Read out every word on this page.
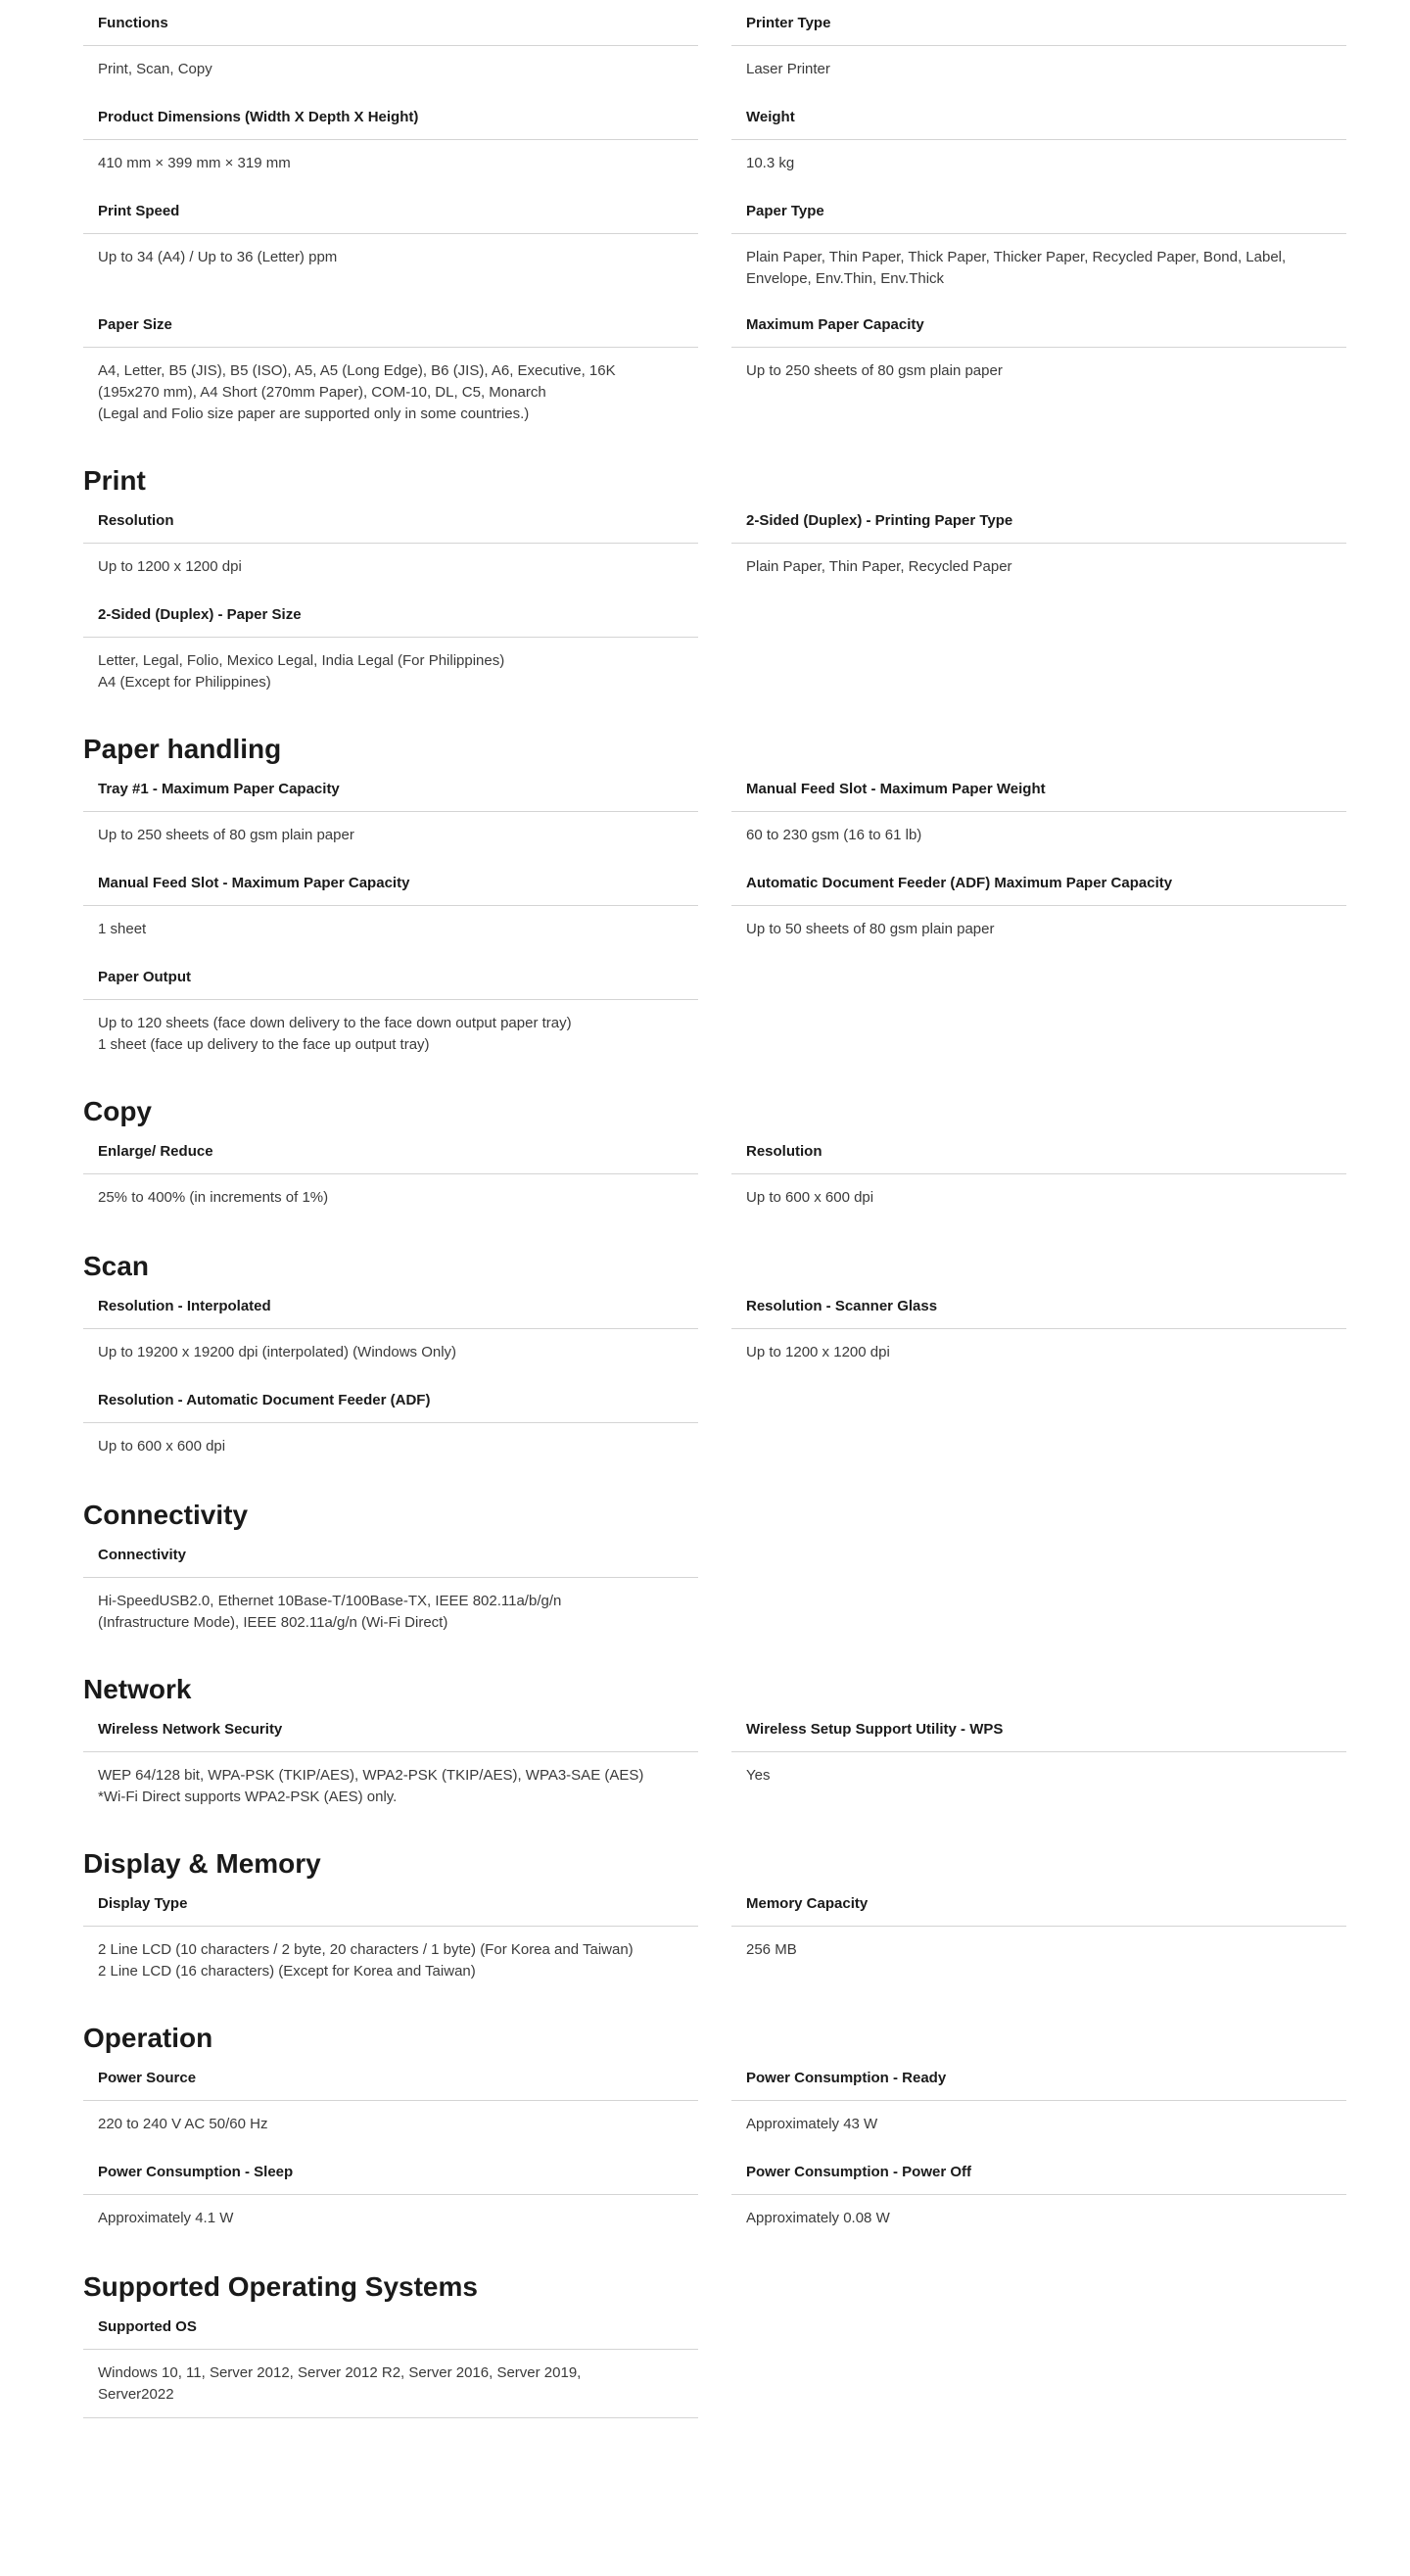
Functions
Print, Scan, Copy
Printer Type
Laser Printer
Product Dimensions (Width X Depth X Height)
410 mm × 399 mm × 319 mm
Weight
10.3 kg
Print Speed
Up to 34 (A4) / Up to 36 (Letter) ppm
Paper Type
Plain Paper, Thin Paper, Thick Paper, Thicker Paper, Recycled Paper, Bond, Label,
Envelope, Env.Thin, Env.Thick
Paper Size
A4, Letter, B5 (JIS), B5 (ISO), A5, A5 (Long Edge), B6 (JIS), A6, Executive, 16K
(195x270 mm), A4 Short (270mm Paper), COM-10, DL, C5, Monarch
(Legal and Folio size paper are supported only in some countries.)
Maximum Paper Capacity
Up to 250 sheets of 80 gsm plain paper
Print
Resolution
Up to 1200 x 1200 dpi
2-Sided (Duplex) - Printing Paper Type
Plain Paper, Thin Paper, Recycled Paper
2-Sided (Duplex) - Paper Size
Letter, Legal, Folio, Mexico Legal, India Legal (For Philippines)
A4 (Except for Philippines)
Paper handling
Tray #1 - Maximum Paper Capacity
Up to 250 sheets of 80 gsm plain paper
Manual Feed Slot - Maximum Paper Weight
60 to 230 gsm (16 to 61 lb)
Manual Feed Slot - Maximum Paper Capacity
1 sheet
Automatic Document Feeder (ADF) Maximum Paper Capacity
Up to 50 sheets of 80 gsm plain paper
Paper Output
Up to 120 sheets (face down delivery to the face down output paper tray)
1 sheet (face up delivery to the face up output tray)
Copy
Enlarge/ Reduce
25% to 400% (in increments of 1%)
Resolution
Up to 600 x 600 dpi
Scan
Resolution - Interpolated
Up to 19200 x 19200 dpi (interpolated) (Windows Only)
Resolution - Scanner Glass
Up to 1200 x 1200 dpi
Resolution - Automatic Document Feeder (ADF)
Up to 600 x 600 dpi
Connectivity
Connectivity
Hi-SpeedUSB2.0, Ethernet 10Base-T/100Base-TX, IEEE 802.11a/b/g/n
(Infrastructure Mode), IEEE 802.11a/g/n (Wi-Fi Direct)
Network
Wireless Network Security
WEP 64/128 bit, WPA-PSK (TKIP/AES), WPA2-PSK (TKIP/AES), WPA3-SAE (AES)
*Wi-Fi Direct supports WPA2-PSK (AES) only.
Wireless Setup Support Utility - WPS
Yes
Display & Memory
Display Type
2 Line LCD (10 characters / 2 byte, 20 characters / 1 byte) (For Korea and Taiwan)
2 Line LCD (16 characters) (Except for Korea and Taiwan)
Memory Capacity
256 MB
Operation
Power Source
220 to 240 V AC 50/60 Hz
Power Consumption - Ready
Approximately 43 W
Power Consumption - Sleep
Approximately 4.1 W
Power Consumption - Power Off
Approximately 0.08 W
Supported Operating Systems
Supported OS
Windows 10, 11, Server 2012, Server 2012 R2, Server 2016, Server 2019,
Server2022
